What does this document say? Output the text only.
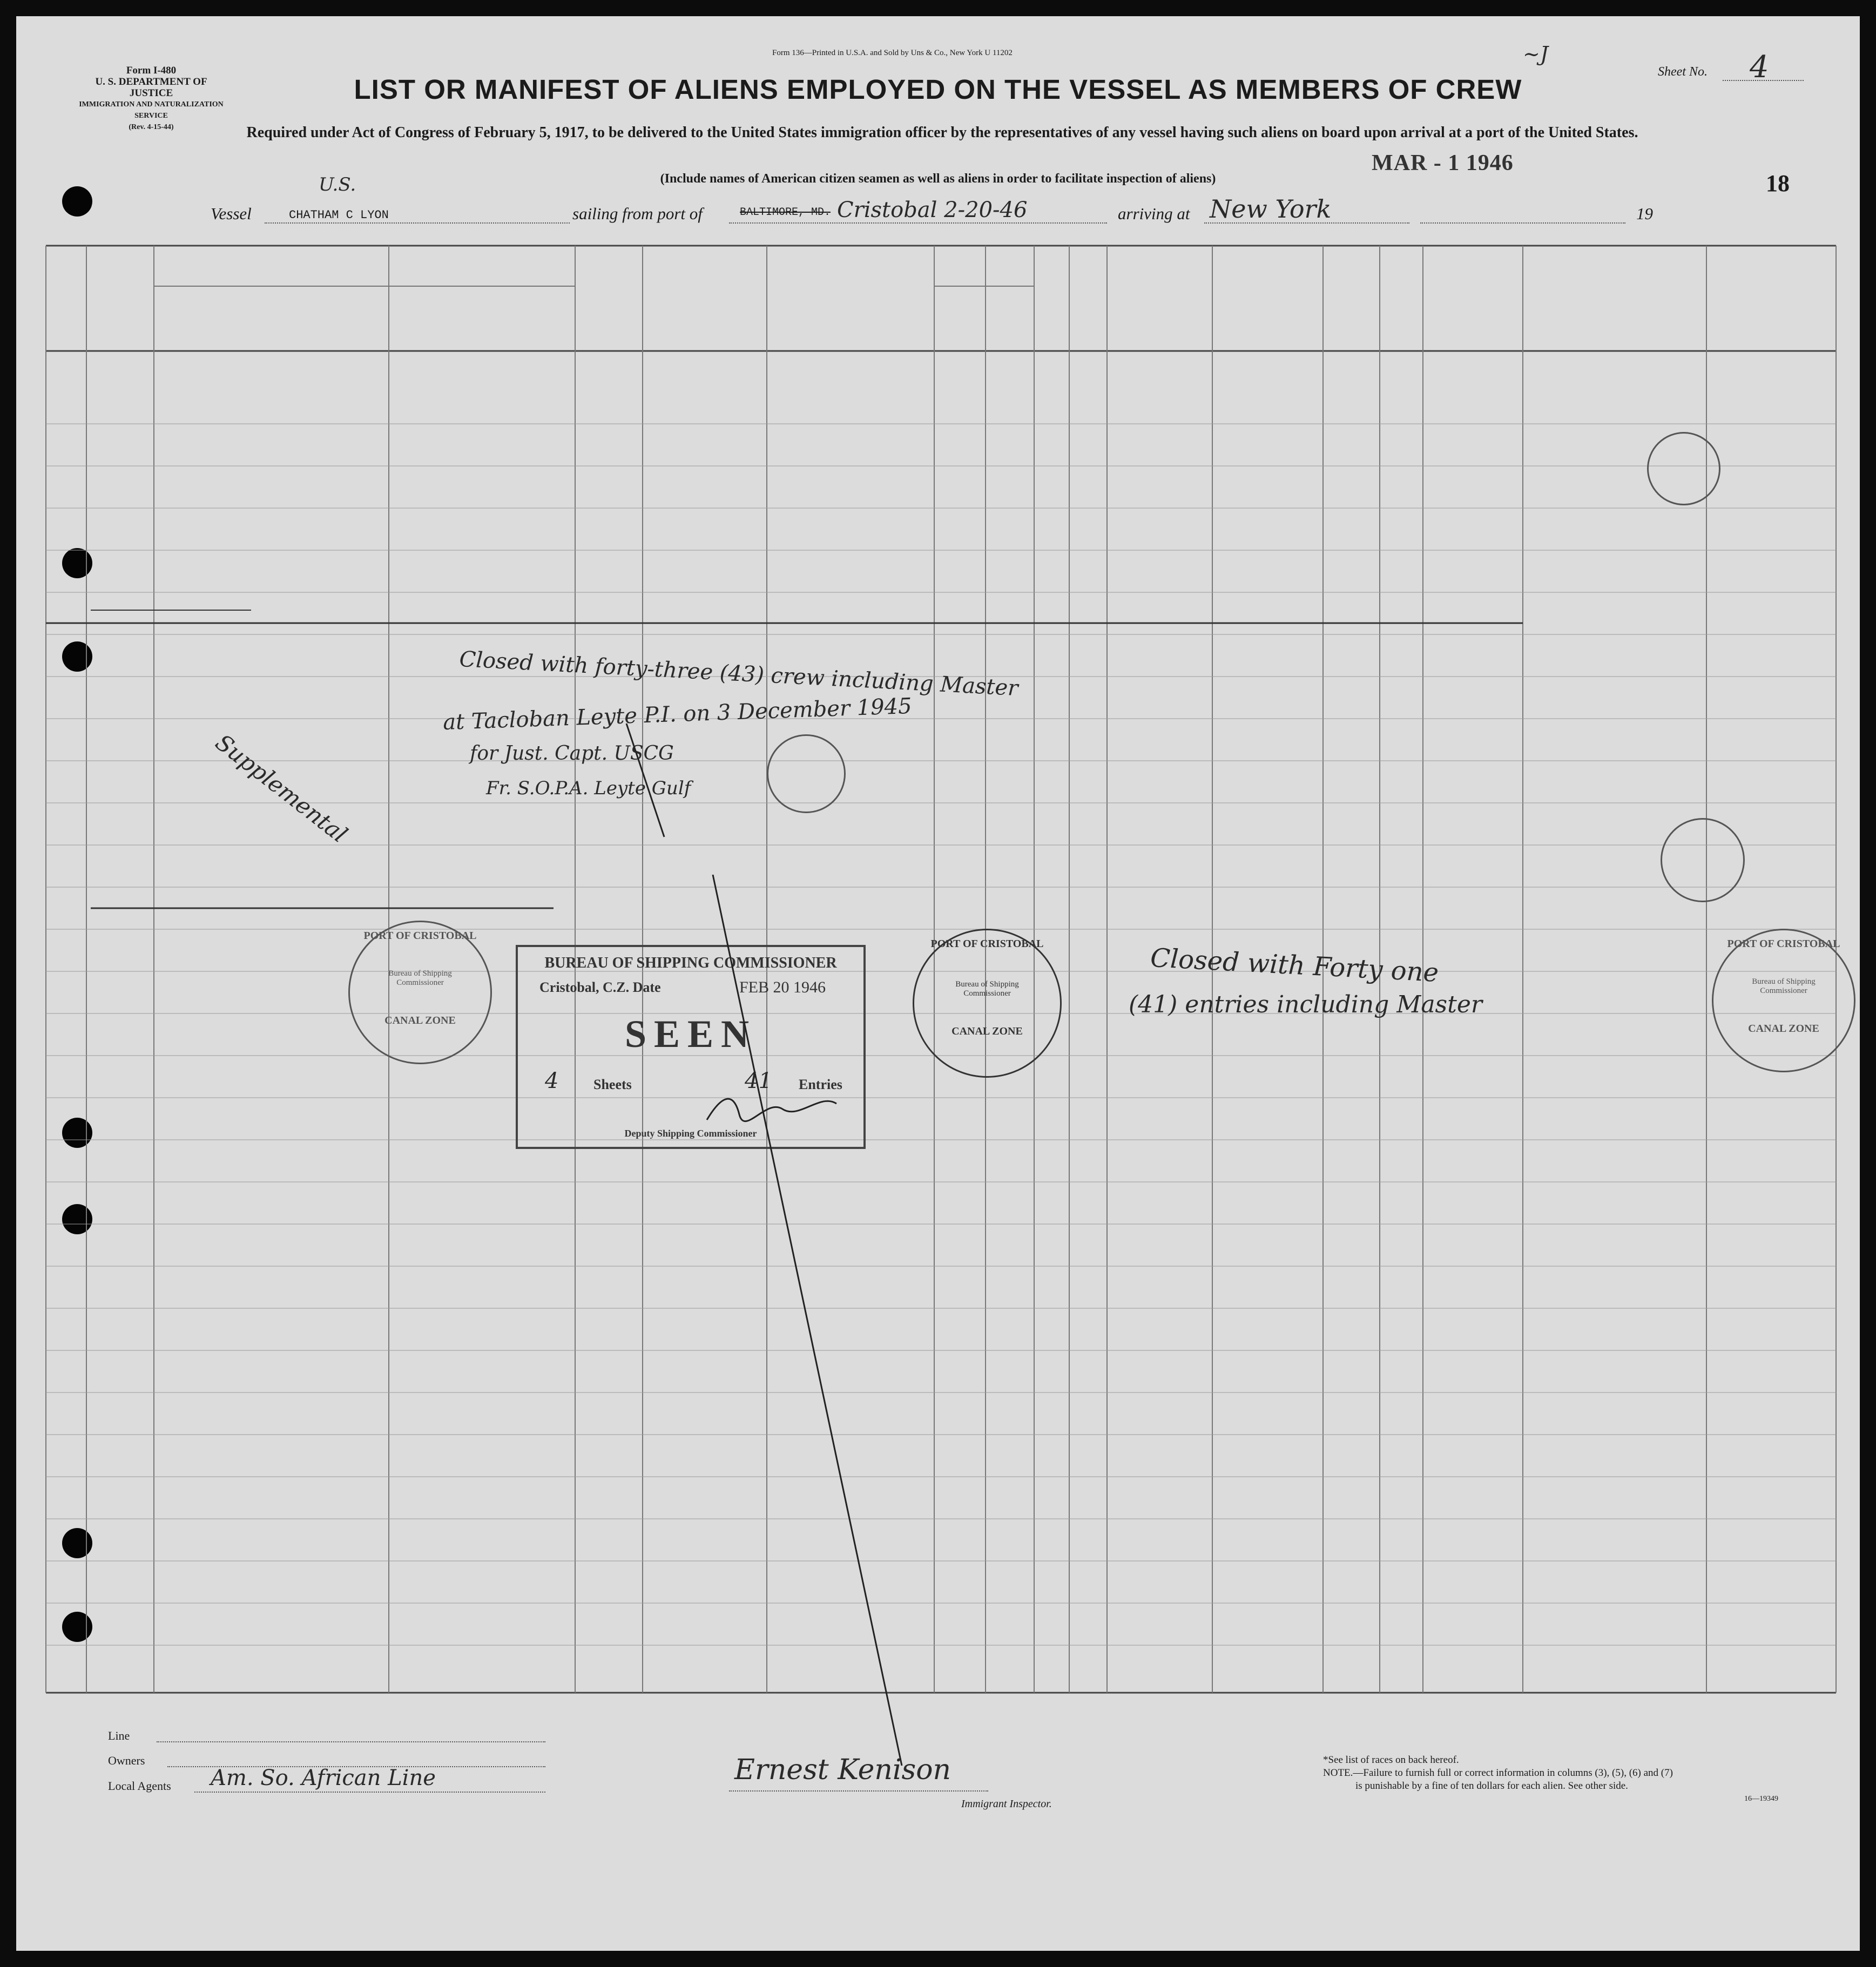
Form I-480
U. S. DEPARTMENT OF JUSTICE
IMMIGRATION AND NATURALIZATION SERVICE
(Rev. 4-15-44)
Form 136—Printed in U.S.A. and Sold by Uns & Co., New York U 11202	~J
Sheet No. 4
LIST OR MANIFEST OF ALIENS EMPLOYED ON THE VESSEL AS MEMBERS OF CREW
Required under Act of Congress of February 5, 1917, to be delivered to the United States immigration officer by the representatives of any vessel having such aliens on board upon arrival at a port of the United States.
(Include names of American citizen seamen as well as aliens in order to facilitate inspection of aliens)
MAR - 1 1946
18
Vessel
U.S.
CHATHAM C LYON	sailing from port of	BALTIMORE, MD. Cristobal 2-20-46	arriving at New York	19
Supplemental
Closed with forty-three (43) crew including Master
at Tacloban Leyte P.I. on 3 December 1945
for Just. Capt. USCG
Fr. S.O.P.A. Leyte Gulf
Closed with Forty one
(41) entries including Master
PORT OF CRISTOBAL
Bureau of Shipping Commissioner
CANAL ZONE
PORT OF CRISTOBAL
Bureau of Shipping Commissioner
CANAL ZONE
PORT OF CRISTOBAL
Bureau of Shipping Commissioner
CANAL ZONE
BUREAU OF SHIPPING COMMISSIONER
Cristobal, C.Z. Date	FEB 20 1946
SEEN
4 Sheets	41 Entries
Deputy Shipping Commissioner
Line
Owners
Local Agents Am. So. African Line	Ernest Kenison
Immigrant Inspector.
*See list of races on back hereof.
NOTE.—Failure to furnish full or correct information in columns (3), (5), (6) and (7)
is punishable by a fine of ten dollars for each alien. See other side.
16—19349
